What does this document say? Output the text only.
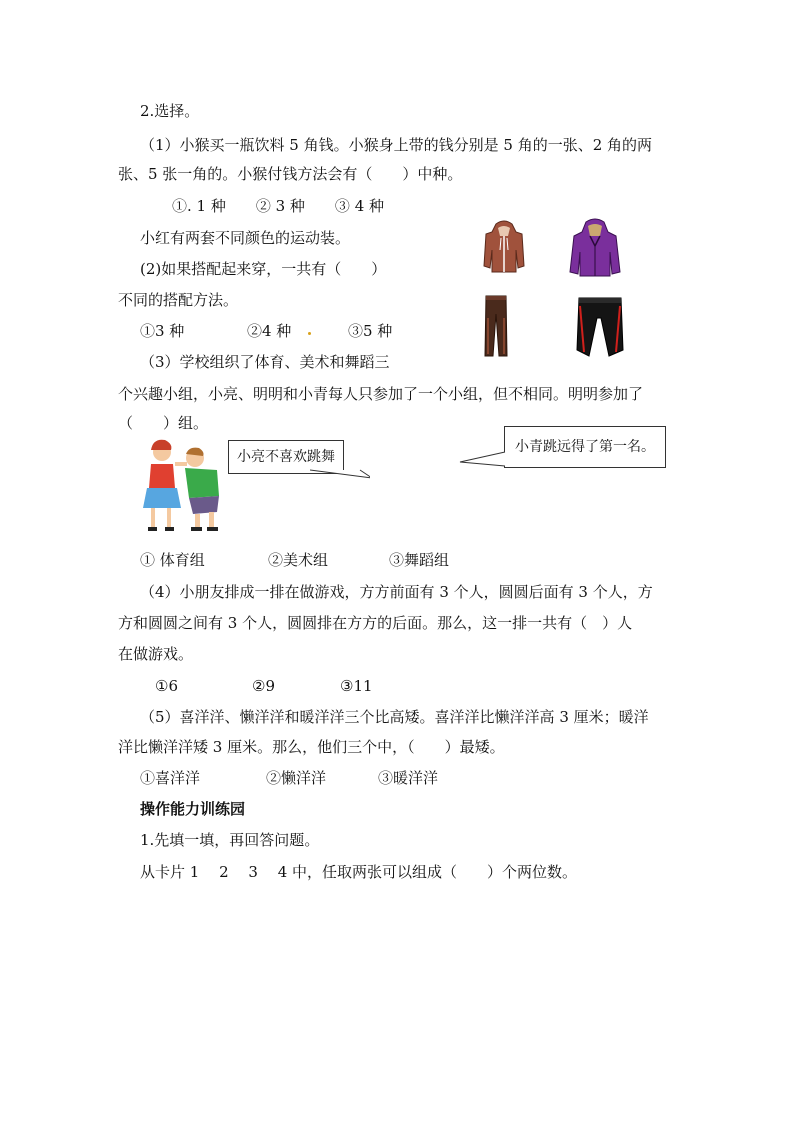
2.选择。
（1）小猴买一瓶饮料 5 角钱。小猴身上带的钱分别是 5 角的一张、2 角的两
张、5 张一角的。小猴付钱方法会有（　　）中种。
①. 1 种　　② 3 种　　③ 4 种
小红有两套不同颜色的运动装。
(2)如果搭配起来穿，一共有（　　）
不同的搭配方法。
①3 种	②4 种	③5 种
（3）学校组织了体育、美术和舞蹈三
个兴趣小组，小亮、明明和小青每人只参加了一个小组，但不相同。明明参加了
（　　）组。
小亮不喜欢跳舞
小青跳远得了第一名。
① 体育组	②美术组	③舞蹈组
（4）小朋友排成一排在做游戏，方方前面有 3 个人，圆圆后面有 3 个人，方
方和圆圆之间有 3 个人，圆圆排在方方的后面。那么，这一排一共有（　）人
在做游戏。
①6	②9	③11
（5）喜洋洋、懒洋洋和暖洋洋三个比高矮。喜洋洋比懒洋洋高 3 厘米；暖洋
洋比懒洋洋矮 3 厘米。那么，他们三个中，（　　）最矮。
①喜洋洋	②懒洋洋	③暖洋洋
操作能力训练园
1.先填一填，再回答问题。
从卡片 1　 2　 3　 4 中，任取两张可以组成（　　）个两位数。
